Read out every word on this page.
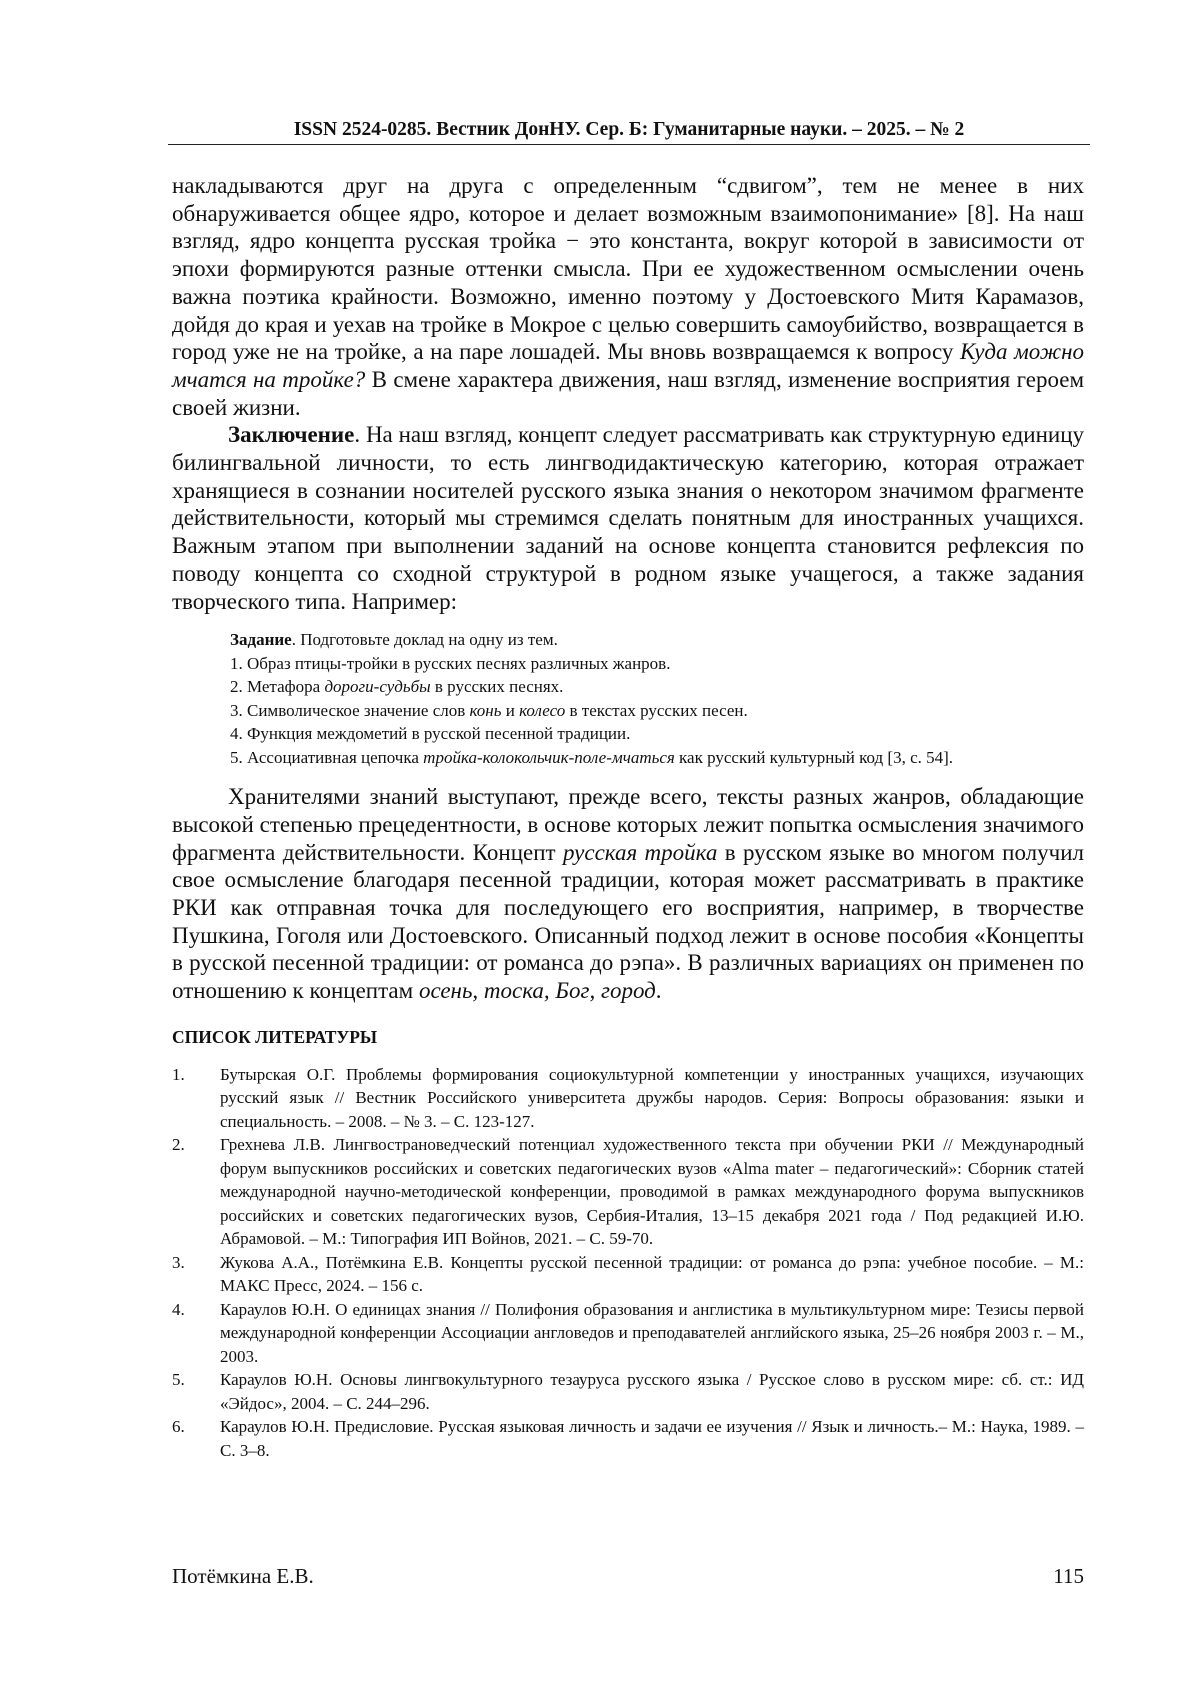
ISSN 2524-0285. Вестник ДонНУ. Сер. Б: Гуманитарные науки. – 2025. – № 2

накладываются друг на друга с определенным “сдвигом”, тем не менее в них обнаруживается общее ядро, которое и делает возможным взаимопонимание» [8]. На наш взгляд, ядро концепта русская тройка − это константа, вокруг которой в зависимости от эпохи формируются разные оттенки смысла. При ее художественном осмыслении очень важна поэтика крайности. Возможно, именно поэтому у Достоевского Митя Карамазов, дойдя до края и уехав на тройке в Мокрое с целью совершить самоубийство, возвращается в город уже не на тройке, а на паре лошадей. Мы вновь возвращаемся к вопросу Куда можно мчатся на тройке? В смене характера движения, наш взгляд, изменение восприятия героем своей жизни.

Заключение. На наш взгляд, концепт следует рассматривать как структурную единицу билингвальной личности, то есть лингводидактическую категорию, которая отражает хранящиеся в сознании носителей русского языка знания о некотором значимом фрагменте действительности, который мы стремимся сделать понятным для иностранных учащихся. Важным этапом при выполнении заданий на основе концепта становится рефлексия по поводу концепта со сходной структурой в родном языке учащегося, а также задания творческого типа. Например:

Задание. Подготовьте доклад на одну из тем.
1. Образ птицы-тройки в русских песнях различных жанров.
2. Метафора дороги-судьбы в русских песнях.
3. Символическое значение слов конь и колесо в текстах русских песен.
4. Функция междометий в русской песенной традиции.
5. Ассоциативная цепочка тройка-колокольчик-поле-мчаться как русский культурный код [3, с. 54].

Хранителями знаний выступают, прежде всего, тексты разных жанров, обладающие высокой степенью прецедентности, в основе которых лежит попытка осмысления значимого фрагмента действительности. Концепт русская тройка в русском языке во многом получил свое осмысление благодаря песенной традиции, которая может рассматривать в практике РКИ как отправная точка для последующего его восприятия, например, в творчестве Пушкина, Гоголя или Достоевского. Описанный подход лежит в основе пособия «Концепты в русской песенной традиции: от романса до рэпа». В различных вариациях он применен по отношению к концептам осень, тоска, Бог, город.

СПИСОК ЛИТЕРАТУРЫ
1.	Бутырская О.Г. Проблемы формирования социокультурной компетенции у иностранных учащихся, изучающих русский язык // Вестник Российского университета дружбы народов. Серия: Вопросы образования: языки и специальность. – 2008. – № 3. – С. 123-127.
2.	Грехнева Л.В. Лингвострановедческий потенциал художественного текста при обучении РКИ // Международный форум выпускников российских и советских педагогических вузов «Alma mater – педагогический»: Сборник статей международной научно-методической конференции, проводимой в рамках международного форума выпускников российских и советских педагогических вузов, Сербия-Италия, 13–15 декабря 2021 года / Под редакцией И.Ю. Абрамовой. – М.: Типография ИП Войнов, 2021. – С. 59-70.
3.	Жукова А.А., Потёмкина Е.В. Концепты русской песенной традиции: от романса до рэпа: учебное пособие. – М.: МАКС Пресс, 2024. – 156 с.
4.	Караулов Ю.Н. О единицах знания // Полифония образования и англистика в мультикультурном мире: Тезисы первой международной конференции Ассоциации англоведов и преподавателей английского языка, 25–26 ноября 2003 г. – М., 2003.
5.	Караулов Ю.Н. Основы лингвокультурного тезауруса русского языка / Русское слово в русском мире: сб. ст.: ИД «Эйдос», 2004. – С. 244–296.
6.	Караулов Ю.Н. Предисловие. Русская языковая личность и задачи ее изучения // Язык и личность.– М.: Наука, 1989. – С. 3–8.
Потёмкина Е.В.	115
